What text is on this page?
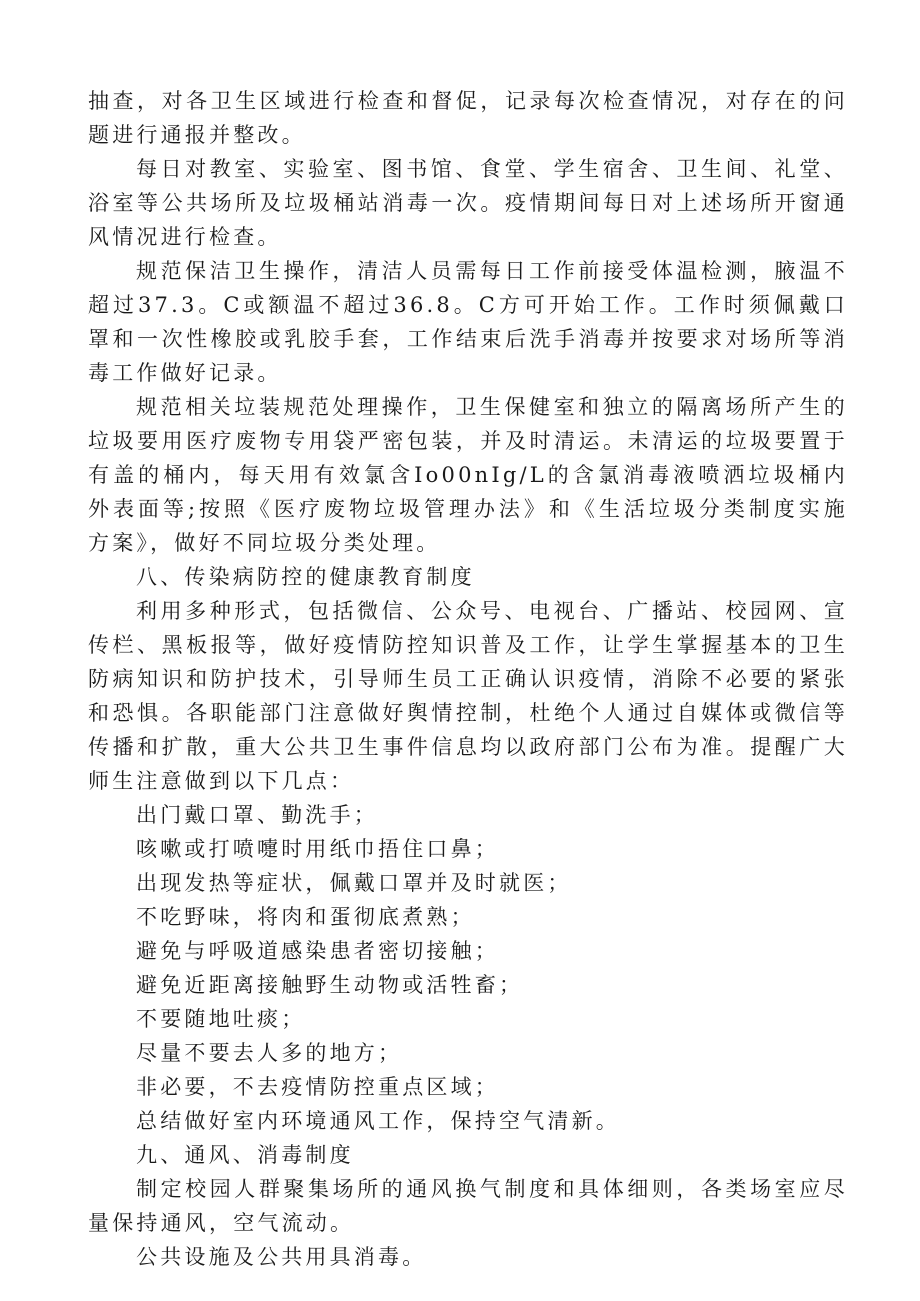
抽查，对各卫生区域进行检查和督促，记录每次检查情况，对存在的问题进行通报并整改。

每日对教室、实验室、图书馆、食堂、学生宿舍、卫生间、礼堂、浴室等公共场所及垃圾桶站消毒一次。疫情期间每日对上述场所开窗通风情况进行检查。

规范保洁卫生操作，清洁人员需每日工作前接受体温检测，腋温不超过37.3。C或额温不超过36.8。C方可开始工作。工作时须佩戴口罩和一次性橡胶或乳胶手套，工作结束后洗手消毒并按要求对场所等消毒工作做好记录。

规范相关垃装规范处理操作，卫生保健室和独立的隔离场所产生的垃圾要用医疗废物专用袋严密包装，并及时清运。未清运的垃圾要置于有盖的桶内，每天用有效氯含Io00nIg/L的含氯消毒液喷洒垃圾桶内外表面等;按照《医疗废物垃圾管理办法》和《生活垃圾分类制度实施方案》，做好不同垃圾分类处理。

八、传染病防控的健康教育制度

利用多种形式，包括微信、公众号、电视台、广播站、校园网、宣传栏、黑板报等，做好疫情防控知识普及工作，让学生掌握基本的卫生防病知识和防护技术，引导师生员工正确认识疫情，消除不必要的紧张和恐惧。各职能部门注意做好舆情控制，杜绝个人通过自媒体或微信等传播和扩散，重大公共卫生事件信息均以政府部门公布为准。提醒广大师生注意做到以下几点：

出门戴口罩、勤洗手；

咳嗽或打喷嚏时用纸巾捂住口鼻；

出现发热等症状，佩戴口罩并及时就医；

不吃野味，将肉和蛋彻底煮熟；

避免与呼吸道感染患者密切接触；

避免近距离接触野生动物或活牲畜；

不要随地吐痰；

尽量不要去人多的地方；

非必要，不去疫情防控重点区域；

总结做好室内环境通风工作，保持空气清新。

九、通风、消毒制度

制定校园人群聚集场所的通风换气制度和具体细则，各类场室应尽量保持通风，空气流动。

公共设施及公共用具消毒。
